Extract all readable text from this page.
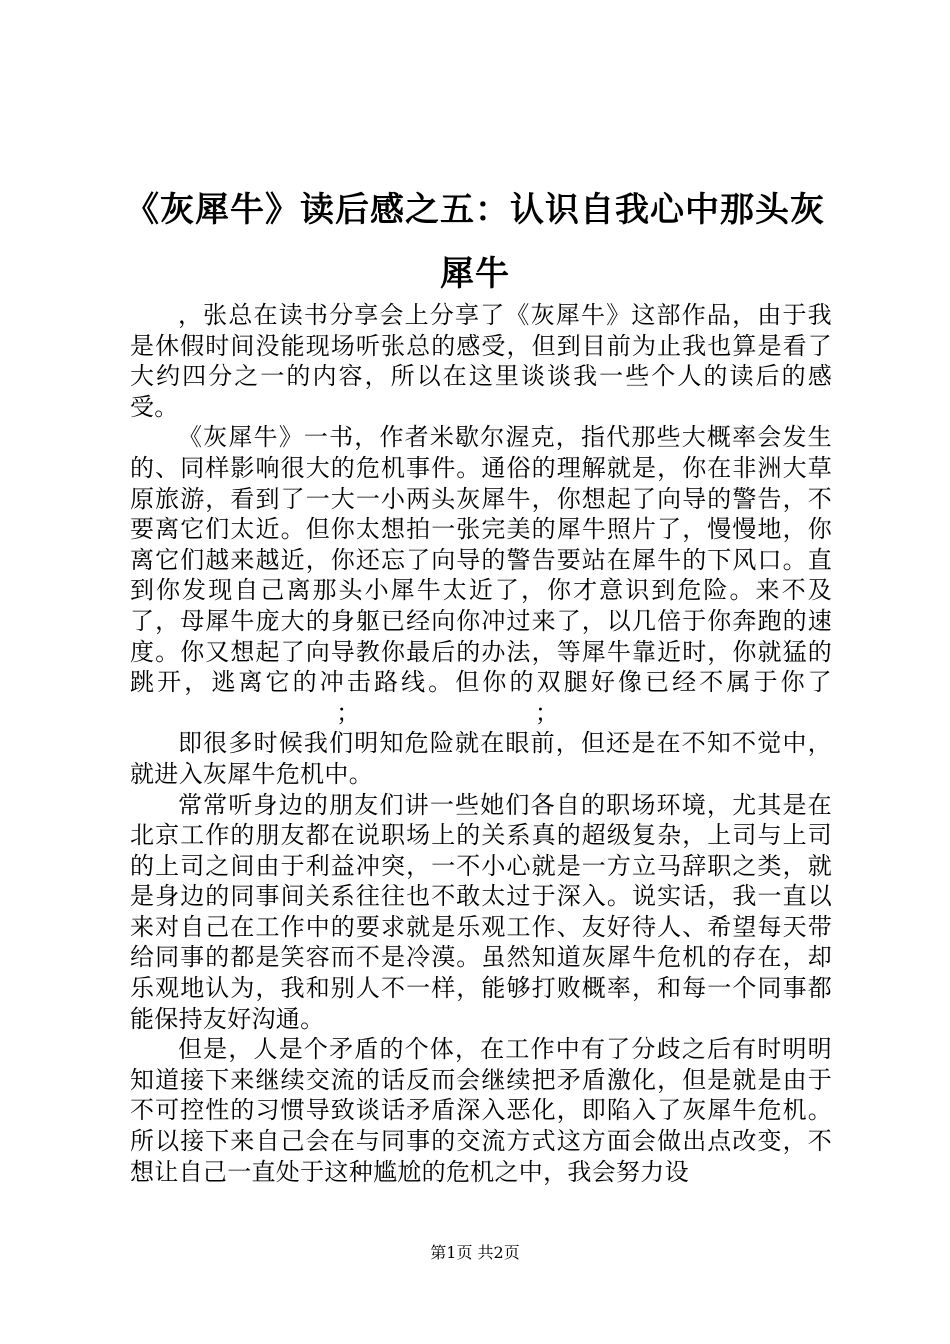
《灰犀牛》读后感之五：认识自我心中那头灰犀牛

，张总在读书分享会上分享了《灰犀牛》这部作品，由于我是休假时间没能现场听张总的感受，但到目前为止我也算是看了大约四分之一的内容，所以在这里谈谈我一些个人的读后的感受。

《灰犀牛》一书，作者米歇尔渥克，指代那些大概率会发生的、同样影响很大的危机事件。通俗的理解就是，你在非洲大草原旅游，看到了一大一小两头灰犀牛，你想起了向导的警告，不要离它们太近。但你太想拍一张完美的犀牛照片了，慢慢地，你离它们越来越近，你还忘了向导的警告要站在犀牛的下风口。直到你发现自己离那头小犀牛太近了，你才意识到危险。来不及了，母犀牛庞大的身躯已经向你冲过来了，以几倍于你奔跑的速度。你又想起了向导教你最后的办法，等犀牛靠近时，你就猛的跳开，逃离它的冲击路线。但你的双腿好像已经不属于你了                          ；	；

即很多时候我们明知危险就在眼前，但还是在不知不觉中，就进入灰犀牛危机中。

常常听身边的朋友们讲一些她们各自的职场环境，尤其是在北京工作的朋友都在说职场上的关系真的超级复杂，上司与上司的上司之间由于利益冲突，一不小心就是一方立马辞职之类，就是身边的同事间关系往往也不敢太过于深入。说实话，我一直以来对自己在工作中的要求就是乐观工作、友好待人、希望每天带给同事的都是笑容而不是冷漠。虽然知道灰犀牛危机的存在，却乐观地认为，我和别人不一样，能够打败概率，和每一个同事都能保持友好沟通。

但是，人是个矛盾的个体，在工作中有了分歧之后有时明明知道接下来继续交流的话反而会继续把矛盾激化，但是就是由于不可控性的习惯导致谈话矛盾深入恶化，即陷入了灰犀牛危机。所以接下来自己会在与同事的交流方式这方面会做出点改变，不想让自己一直处于这种尴尬的危机之中，我会努力设

第1页 共2页
